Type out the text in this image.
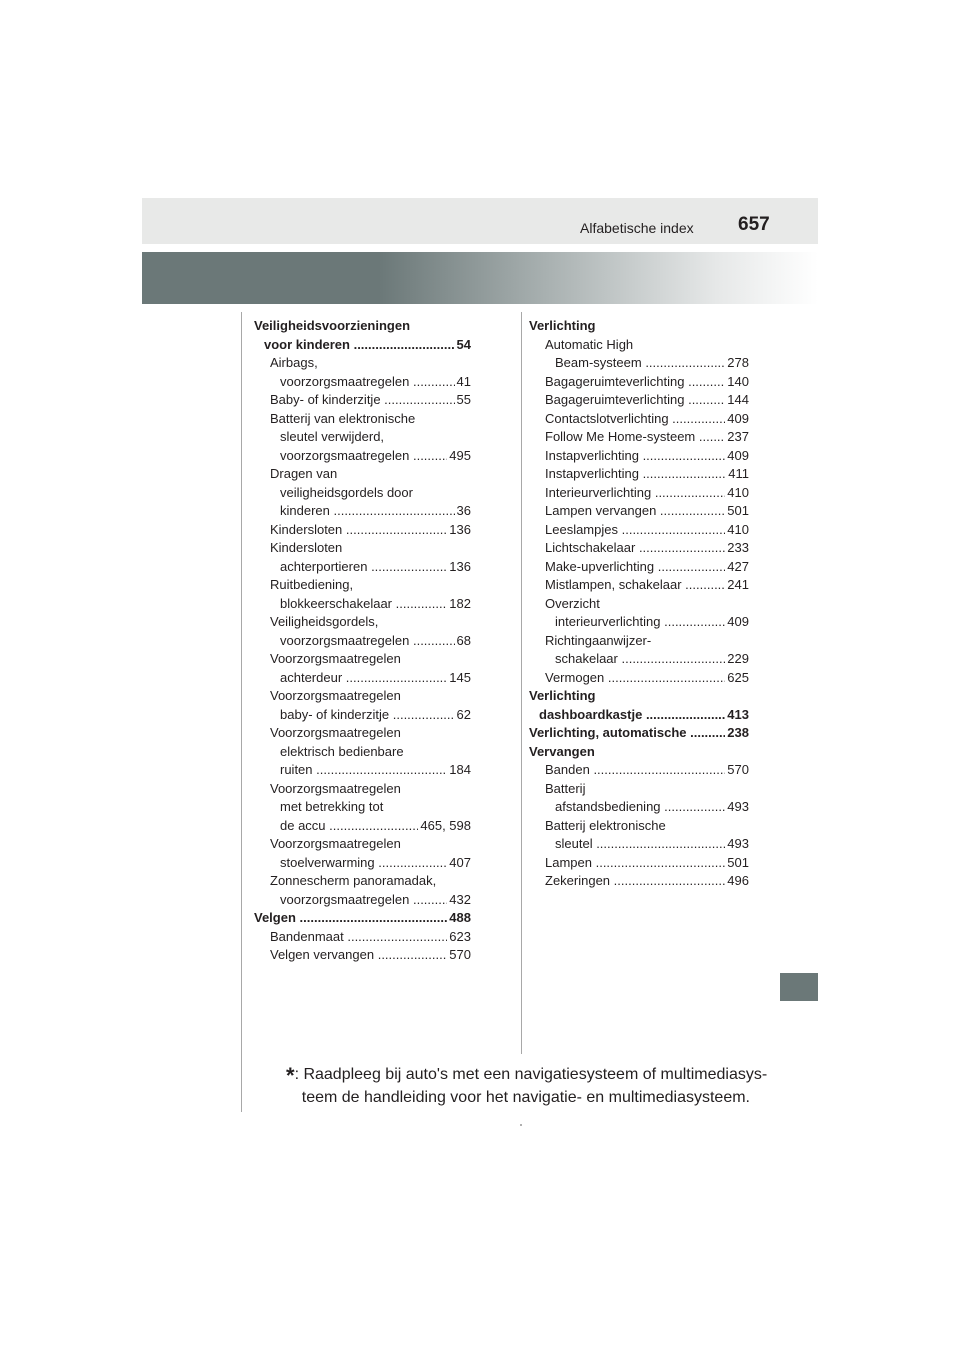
Alfabetische index 657
Veiligheidsvoorzieningen
voor kinderen .....	54
Airbags,
voorzorgsmaatregelen .....	41
Baby- of kinderzitje .....	55
Batterij van elektronische
sleutel verwijderd,
voorzorgsmaatregelen .....	495
Dragen van
veiligheidsgordels door
kinderen .....	36
Kindersloten .....	136
Kindersloten
achterportieren .....	136
Ruitbediening,
blokkeerschakelaar .....	182
Veiligheidsgordels,
voorzorgsmaatregelen .....	68
Voorzorgsmaatregelen
achterdeur .....	145
Voorzorgsmaatregelen
baby- of kinderzitje .....	62
Voorzorgsmaatregelen
elektrisch bedienbare
ruiten .....	184
Voorzorgsmaatregelen
met betrekking tot
de accu .....	465, 598
Voorzorgsmaatregelen
stoelverwarming .....	407
Zonnescherm panoramadak,
voorzorgsmaatregelen .....	432
Velgen .....	488
Bandenmaat .....	623
Velgen vervangen .....	570
Verlichting
Automatic High
Beam-systeem .....	278
Bagageruimteverlichting .....	140
Bagageruimteverlichting .....	144
Contactslotverlichting .....	409
Follow Me Home-systeem ..... 237
Instapverlichting .....	409
Instapverlichting .....	411
Interieurverlichting .....	410
Lampen vervangen .....	501
Leeslampjes .....	410
Lichtschakelaar .....	233
Make-upverlichting .....	427
Mistlampen, schakelaar .....	241
Overzicht
interieurverlichting .....	409
Richtingaanwijzer-
schakelaar .....	229
Vermogen .....	625
Verlichting
dashboardkastje .....	413
Verlichting, automatische .....	238
Vervangen
Banden .....	570
Batterij
afstandsbediening .....	493
Batterij elektronische
sleutel .....	493
Lampen .....	501
Zekeringen .....	496
*: Raadpleeg bij auto's met een navigatiesysteem of multimediasys-
teem de handleiding voor het navigatie- en multimediasysteem.
